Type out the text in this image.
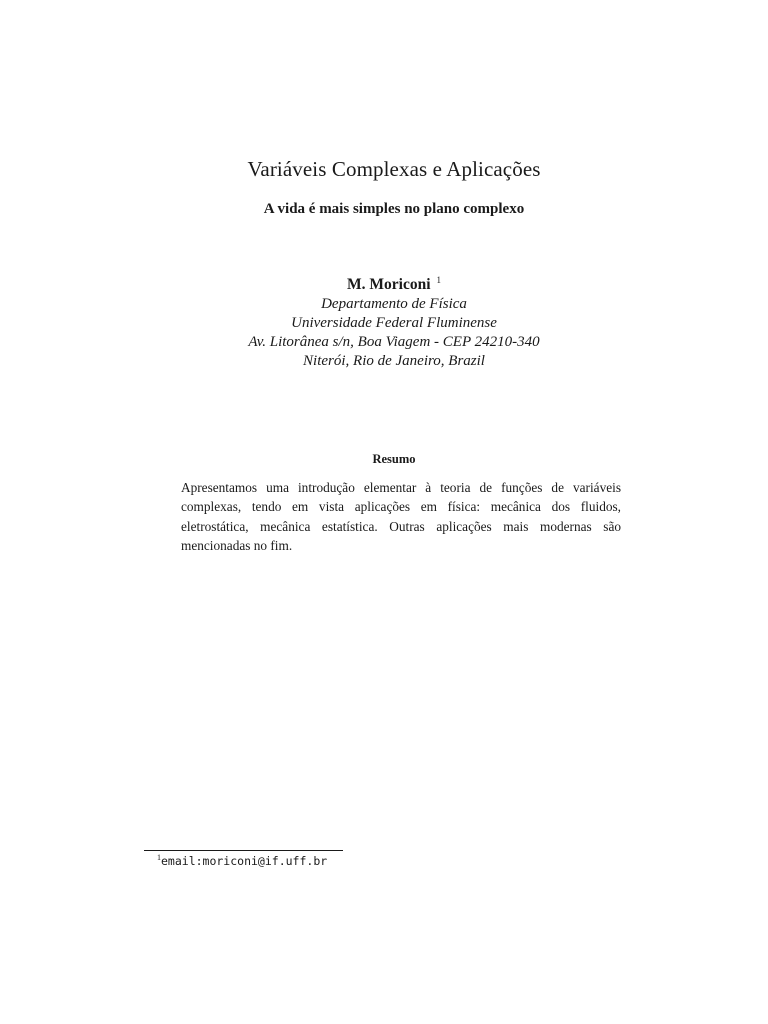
Variáveis Complexas e Aplicações
A vida é mais simples no plano complexo
M. Moriconi $^1$
Departamento de Física
Universidade Federal Fluminense
Av. Litorânea s/n, Boa Viagem - CEP 24210-340
Niterói, Rio de Janeiro, Brazil
Resumo

Apresentamos uma introdução elementar à teoria de funções de variáveis complexas, tendo em vista aplicações em física: mecânica dos fluidos, eletrostática, mecânica estatística. Outras aplicações mais modernas são mencionadas no fim.

$^1$email:moriconi@if.uff.br
